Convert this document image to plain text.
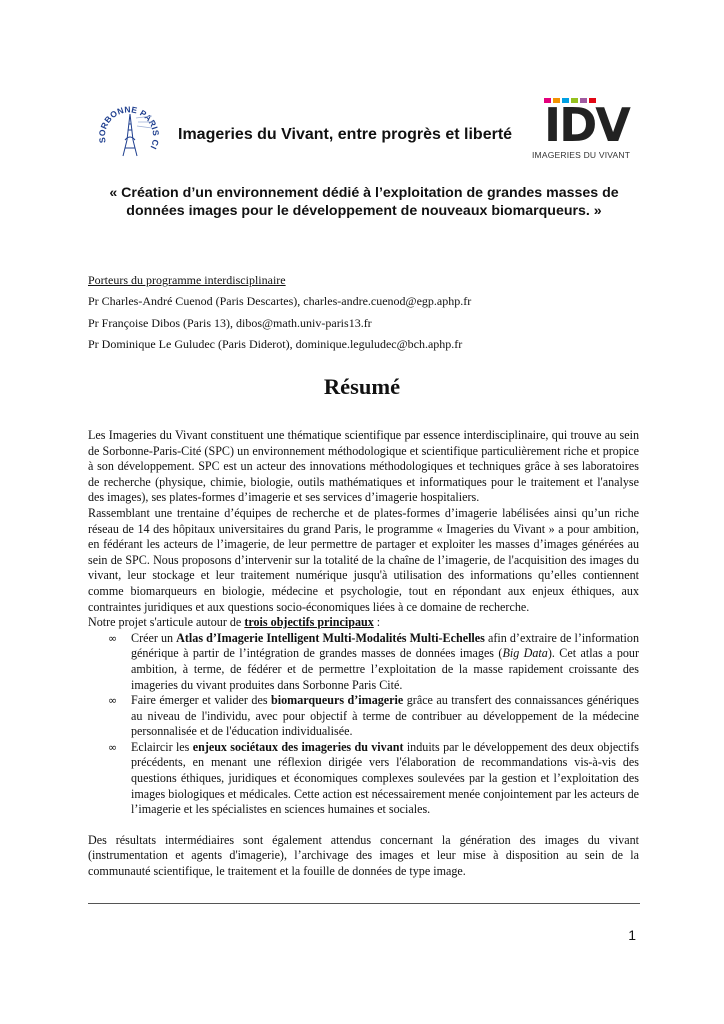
SORBONNE PARIS CI
Imageries du Vivant, entre progrès et liberté IDV
IMAGERIES DU VIVANT
« Création d’un environnement dédié à l’exploitation de grandes masses de données images pour le développement de nouveaux biomarqueurs. »
Porteurs du programme interdisciplinaire
Pr Charles-André Cuenod (Paris Descartes), charles-andre.cuenod@egp.aphp.fr
Pr Françoise Dibos (Paris 13), dibos@math.univ-paris13.fr
Pr Dominique Le Guludec (Paris Diderot), dominique.leguludec@bch.aphp.fr
Résumé

Les Imageries du Vivant constituent une thématique scientifique par essence interdisciplinaire, qui trouve au sein de Sorbonne-Paris-Cité (SPC) un environnement méthodologique et scientifique particulièrement riche et propice à son développement. SPC est un acteur des innovations méthodologiques et techniques grâce à ses laboratoires de recherche (physique, chimie, biologie, outils mathématiques et informatiques pour le traitement et l'analyse des images), ses plates-formes d’imagerie et ses services d’imagerie hospitaliers.

Rassemblant une trentaine d’équipes de recherche et de plates-formes d’imagerie labélisées ainsi qu’un riche réseau de 14 des hôpitaux universitaires du grand Paris, le programme « Imageries du Vivant » a pour ambition, en fédérant les acteurs de l’imagerie, de leur permettre de partager et exploiter les masses d’images générées au sein de SPC. Nous proposons d’intervenir sur la totalité de la chaîne de l’imagerie, de l'acquisition des images du vivant, leur stockage et leur traitement numérique jusqu'à utilisation des informations qu’elles contiennent comme biomarqueurs en biologie, médecine et psychologie, tout en répondant aux enjeux éthiques, aux contraintes juridiques et aux questions socio-économiques liées à ce domaine de recherche.

Notre projet s'articule autour de trois objectifs principaux :

∞ Créer un Atlas d’Imagerie Intelligent Multi-Modalités Multi-Echelles afin d’extraire de l’information générique à partir de l’intégration de grandes masses de données images (Big Data). Cet atlas a pour ambition, à terme, de fédérer et de permettre l’exploitation de la masse rapidement croissante des imageries du vivant produites dans Sorbonne Paris Cité.
∞ Faire émerger et valider des biomarqueurs d’imagerie grâce au transfert des connaissances génériques au niveau de l'individu, avec pour objectif à terme de contribuer au développement de la médecine personnalisée et de l'éducation individualisée.
∞ Eclaircir les enjeux sociétaux des imageries du vivant induits par le développement des deux objectifs précédents, en menant une réflexion dirigée vers l'élaboration de recommandations vis-à-vis des questions éthiques, juridiques et économiques complexes soulevées par la gestion et l’exploitation des images biologiques et médicales. Cette action est nécessairement menée conjointement par les acteurs de l’imagerie et les spécialistes en sciences humaines et sociales.

Des résultats intermédiaires sont également attendus concernant la génération des images du vivant (instrumentation et agents d'imagerie), l’archivage des images et leur mise à disposition au sein de la communauté scientifique, le traitement et la fouille de données de type image.

1
